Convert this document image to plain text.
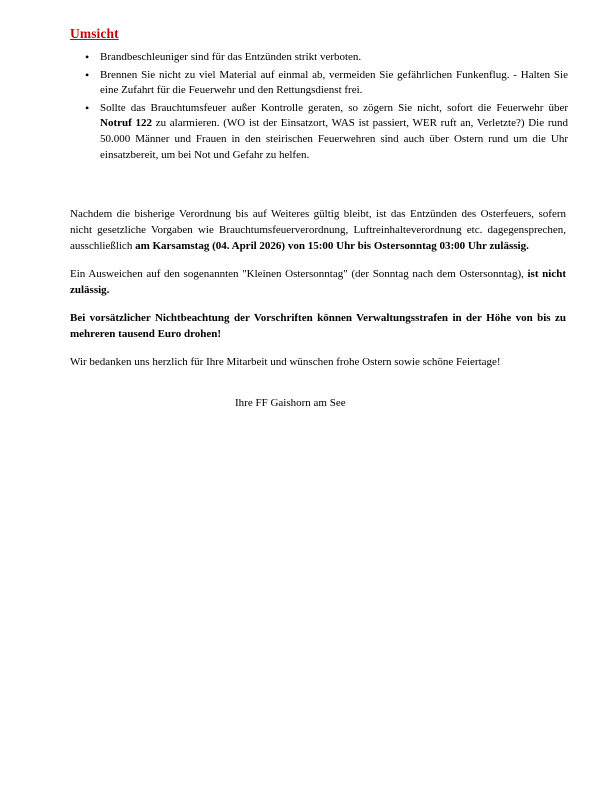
Umsicht
• Brandbeschleuniger sind für das Entzünden strikt verboten.
• Brennen Sie nicht zu viel Material auf einmal ab, vermeiden Sie gefährlichen Funkenflug. - Halten Sie eine Zufahrt für die Feuerwehr und den Rettungsdienst frei.
• Sollte das Brauchtumsfeuer außer Kontrolle geraten, so zögern Sie nicht, sofort die Feuerwehr über Notruf 122 zu alarmieren. (WO ist der Einsatzort, WAS ist passiert, WER ruft an, Verletzte?) Die rund 50.000 Männer und Frauen in den steirischen Feuerwehren sind auch über Ostern rund um die Uhr einsatzbereit, um bei Not und Gefahr zu helfen.

Nachdem die bisherige Verordnung bis auf Weiteres gültig bleibt, ist das Entzünden des Osterfeuers, sofern nicht gesetzliche Vorgaben wie Brauchtumsfeuerverordnung, Luftreinhalteverordnung etc. dagegensprechen, ausschließlich am Karsamstag (04. April 2026) von 15:00 Uhr bis Ostersonntag 03:00 Uhr zulässig.

Ein Ausweichen auf den sogenannten "Kleinen Ostersonntag" (der Sonntag nach dem Ostersonntag), ist nicht zulässig.

Bei vorsätzlicher Nichtbeachtung der Vorschriften können Verwaltungsstrafen in der Höhe von bis zu mehreren tausend Euro drohen!

Wir bedanken uns herzlich für Ihre Mitarbeit und wünschen frohe Ostern sowie schöne Feiertage!

Ihre FF Gaishorn am See
